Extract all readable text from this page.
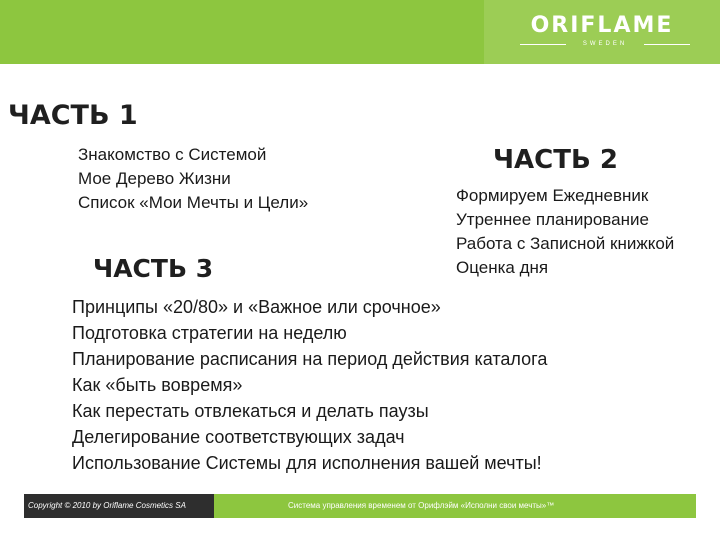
ORIFLAME
SWEDEN
ЧАСТЬ 1
Знакомство с Системой
Мое Дерево Жизни
Список «Мои Мечты и Цели»
ЧАСТЬ 2
Формируем Ежедневник
Утреннее планирование
Работа с Записной книжкой
Оценка дня
ЧАСТЬ 3
Принципы «20/80» и «Важное или срочное»
Подготовка стратегии на неделю
Планирование расписания на период действия каталога
Как «быть вовремя»
Как перестать отвлекаться и делать паузы
Делегирование соответствующих задач
Использование Системы для исполнения вашей мечты!
Copyright © 2010 by Oriflame Cosmetics SA	Система управления временем от Орифлэйм «Исполни свои мечты»™
